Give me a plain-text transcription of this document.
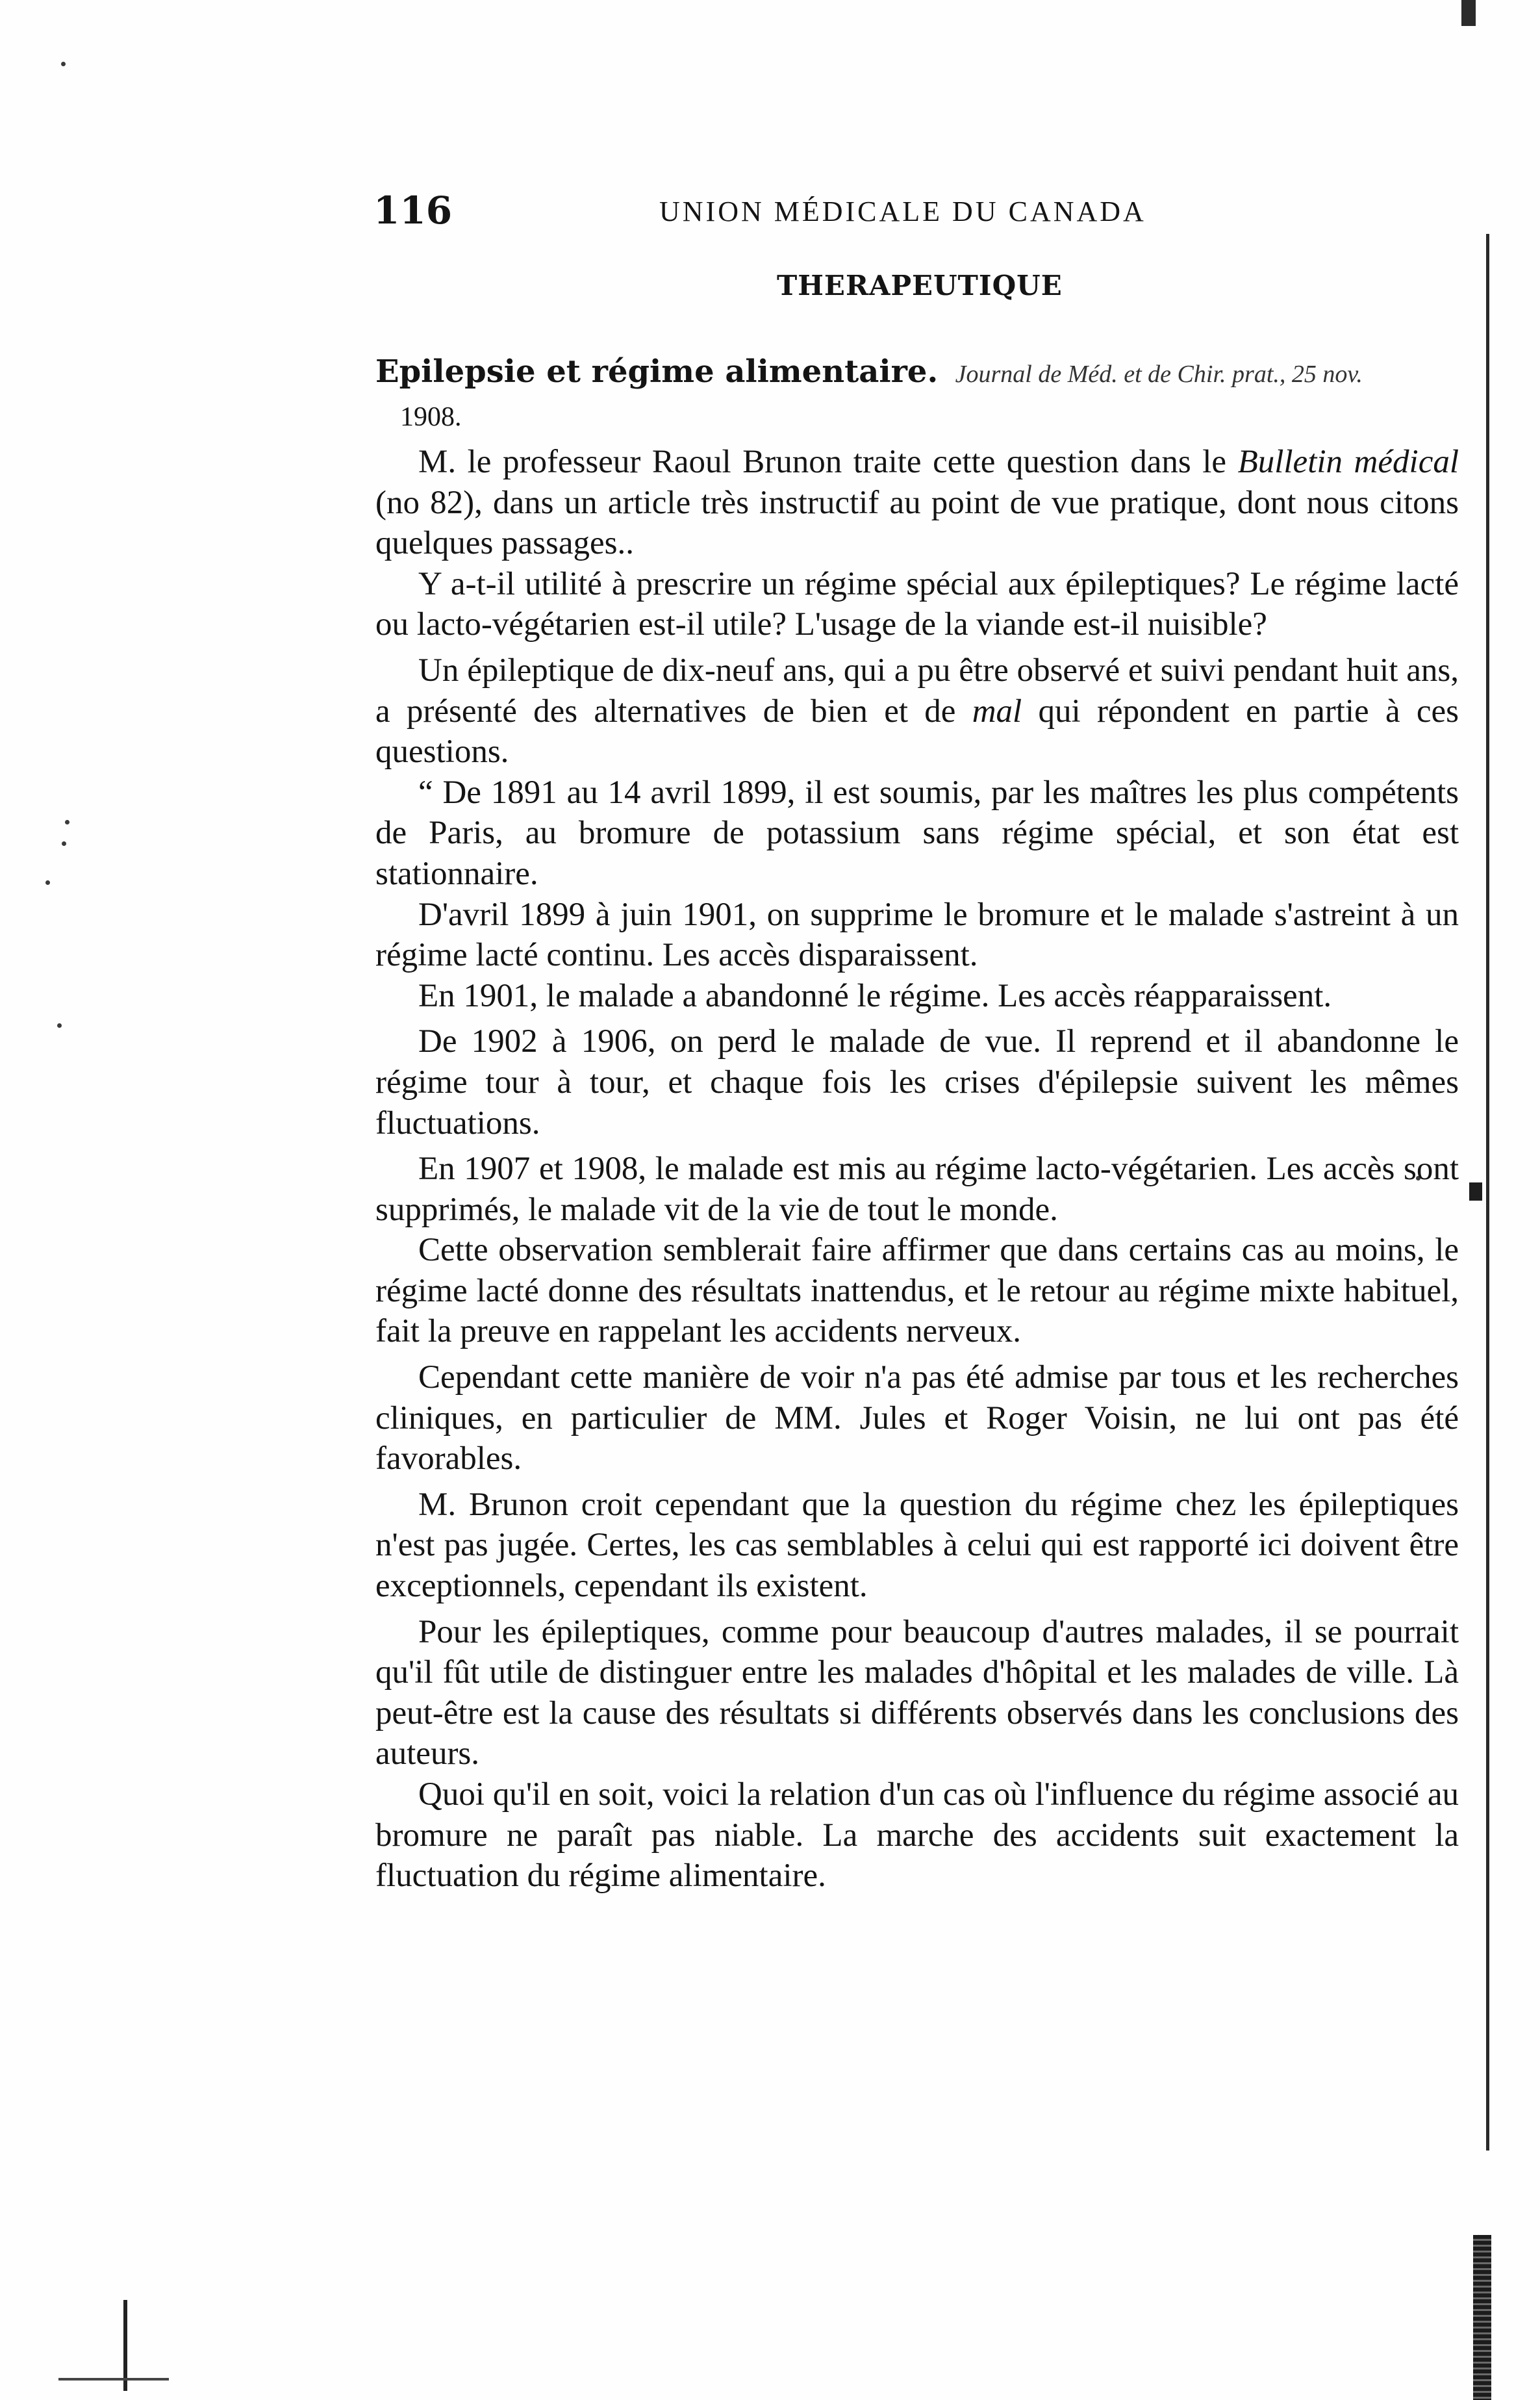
116	UNION MÉDICALE DU CANADA
THERAPEUTIQUE
Epilepsie et régime alimentaire. Journal de Méd. et de Chir. prat., 25 nov.
1908.

M. le professeur Raoul Brunon traite cette question dans le Bulletin médical (no 82), dans un article très instructif au point de vue pratique, dont nous citons quelques passages..

Y a-t-il utilité à prescrire un régime spécial aux épileptiques? Le régime lacté ou lacto-végétarien est-il utile? L'usage de la viande est-il nuisible?

Un épileptique de dix-neuf ans, qui a pu être observé et suivi pendant huit ans, a présenté des alternatives de bien et de mal qui répondent en partie à ces questions.

“ De 1891 au 14 avril 1899, il est soumis, par les maîtres les plus compétents de Paris, au bromure de potassium sans régime spécial, et son état est stationnaire.

D'avril 1899 à juin 1901, on supprime le bromure et le malade s'astreint à un régime lacté continu. Les accès disparaissent.

En 1901, le malade a abandonné le régime. Les accès réapparaissent.

De 1902 à 1906, on perd le malade de vue. Il reprend et il abandonne le régime tour à tour, et chaque fois les crises d'épilepsie suivent les mêmes fluctuations.

En 1907 et 1908, le malade est mis au régime lacto-végétarien. Les accès sont supprimés, le malade vit de la vie de tout le monde.

Cette observation semblerait faire affirmer que dans certains cas au moins, le régime lacté donne des résultats inattendus, et le retour au régime mixte habituel, fait la preuve en rappelant les accidents nerveux.

Cependant cette manière de voir n'a pas été admise par tous et les recherches cliniques, en particulier de MM. Jules et Roger Voisin, ne lui ont pas été favorables.

M. Brunon croit cependant que la question du régime chez les épileptiques n'est pas jugée. Certes, les cas semblables à celui qui est rapporté ici doivent être exceptionnels, cependant ils existent.

Pour les épileptiques, comme pour beaucoup d'autres malades, il se pourrait qu'il fût utile de distinguer entre les malades d'hôpital et les malades de ville. Là peut-être est la cause des résultats si différents observés dans les conclusions des auteurs.

Quoi qu'il en soit, voici la relation d'un cas où l'influence du régime associé au bromure ne paraît pas niable. La marche des accidents suit exactement la fluctuation du régime alimentaire.
